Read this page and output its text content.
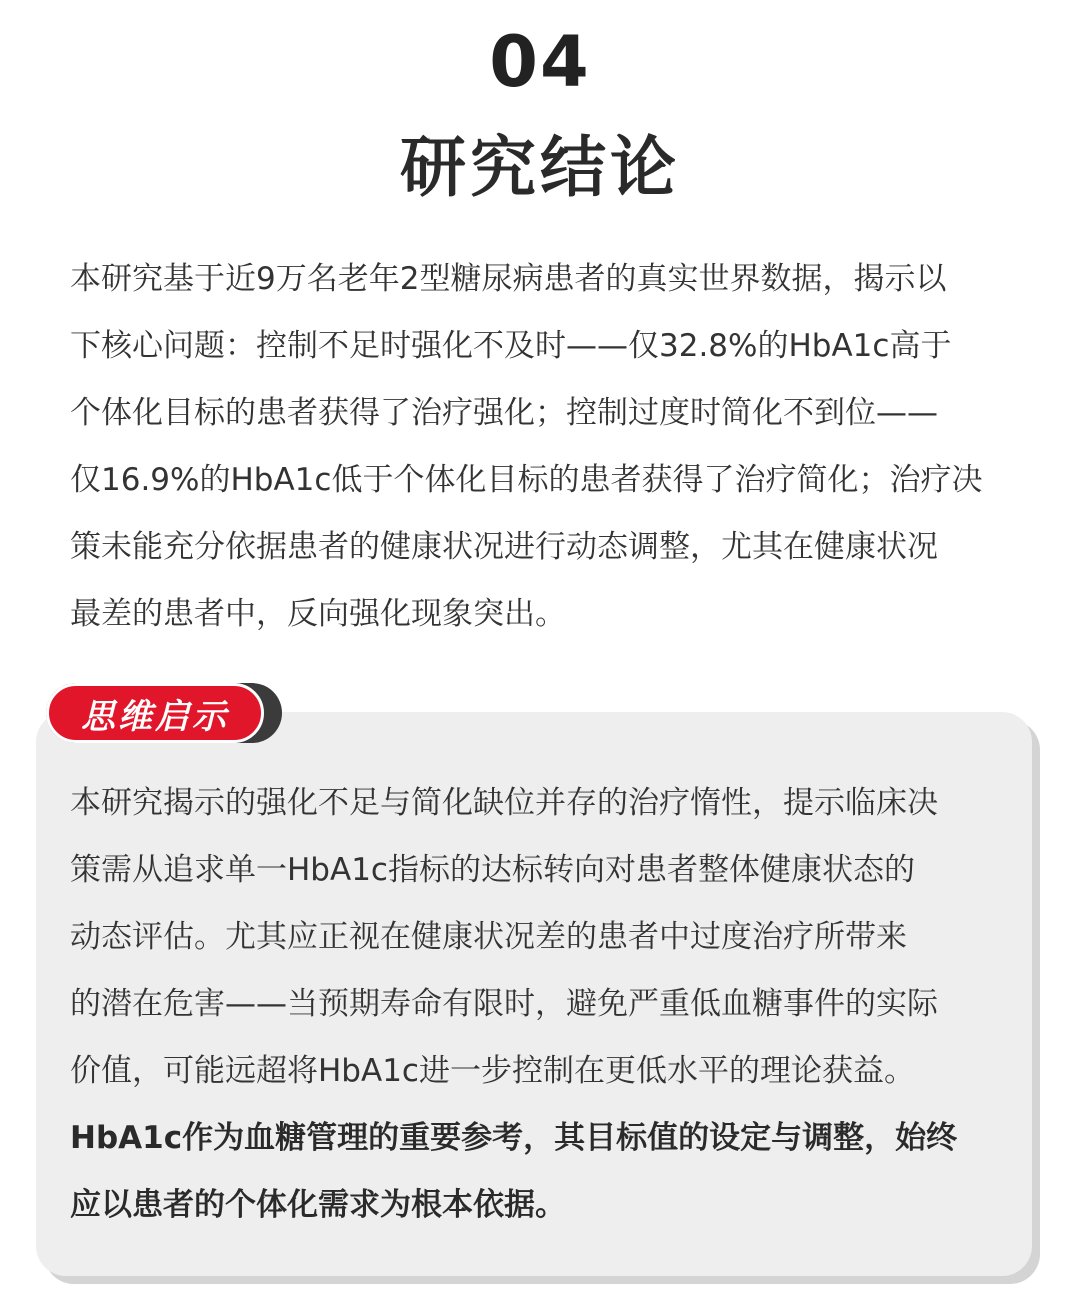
04
研究结论
本研究基于近9万名老年2型糖尿病患者的真实世界数据，揭示以
下核心问题：控制不足时强化不及时——仅32.8%的HbA1c高于
个体化目标的患者获得了治疗强化；控制过度时简化不到位——
仅16.9%的HbA1c低于个体化目标的患者获得了治疗简化；治疗决
策未能充分依据患者的健康状况进行动态调整，尤其在健康状况
最差的患者中，反向强化现象突出。
思维启示
本研究揭示的强化不足与简化缺位并存的治疗惰性，提示临床决
策需从追求单一HbA1c指标的达标转向对患者整体健康状态的
动态评估。尤其应正视在健康状况差的患者中过度治疗所带来
的潜在危害——当预期寿命有限时，避免严重低血糖事件的实际
价值，可能远超将HbA1c进一步控制在更低水平的理论获益。
HbA1c作为血糖管理的重要参考，其目标值的设定与调整，始终
应以患者的个体化需求为根本依据。
